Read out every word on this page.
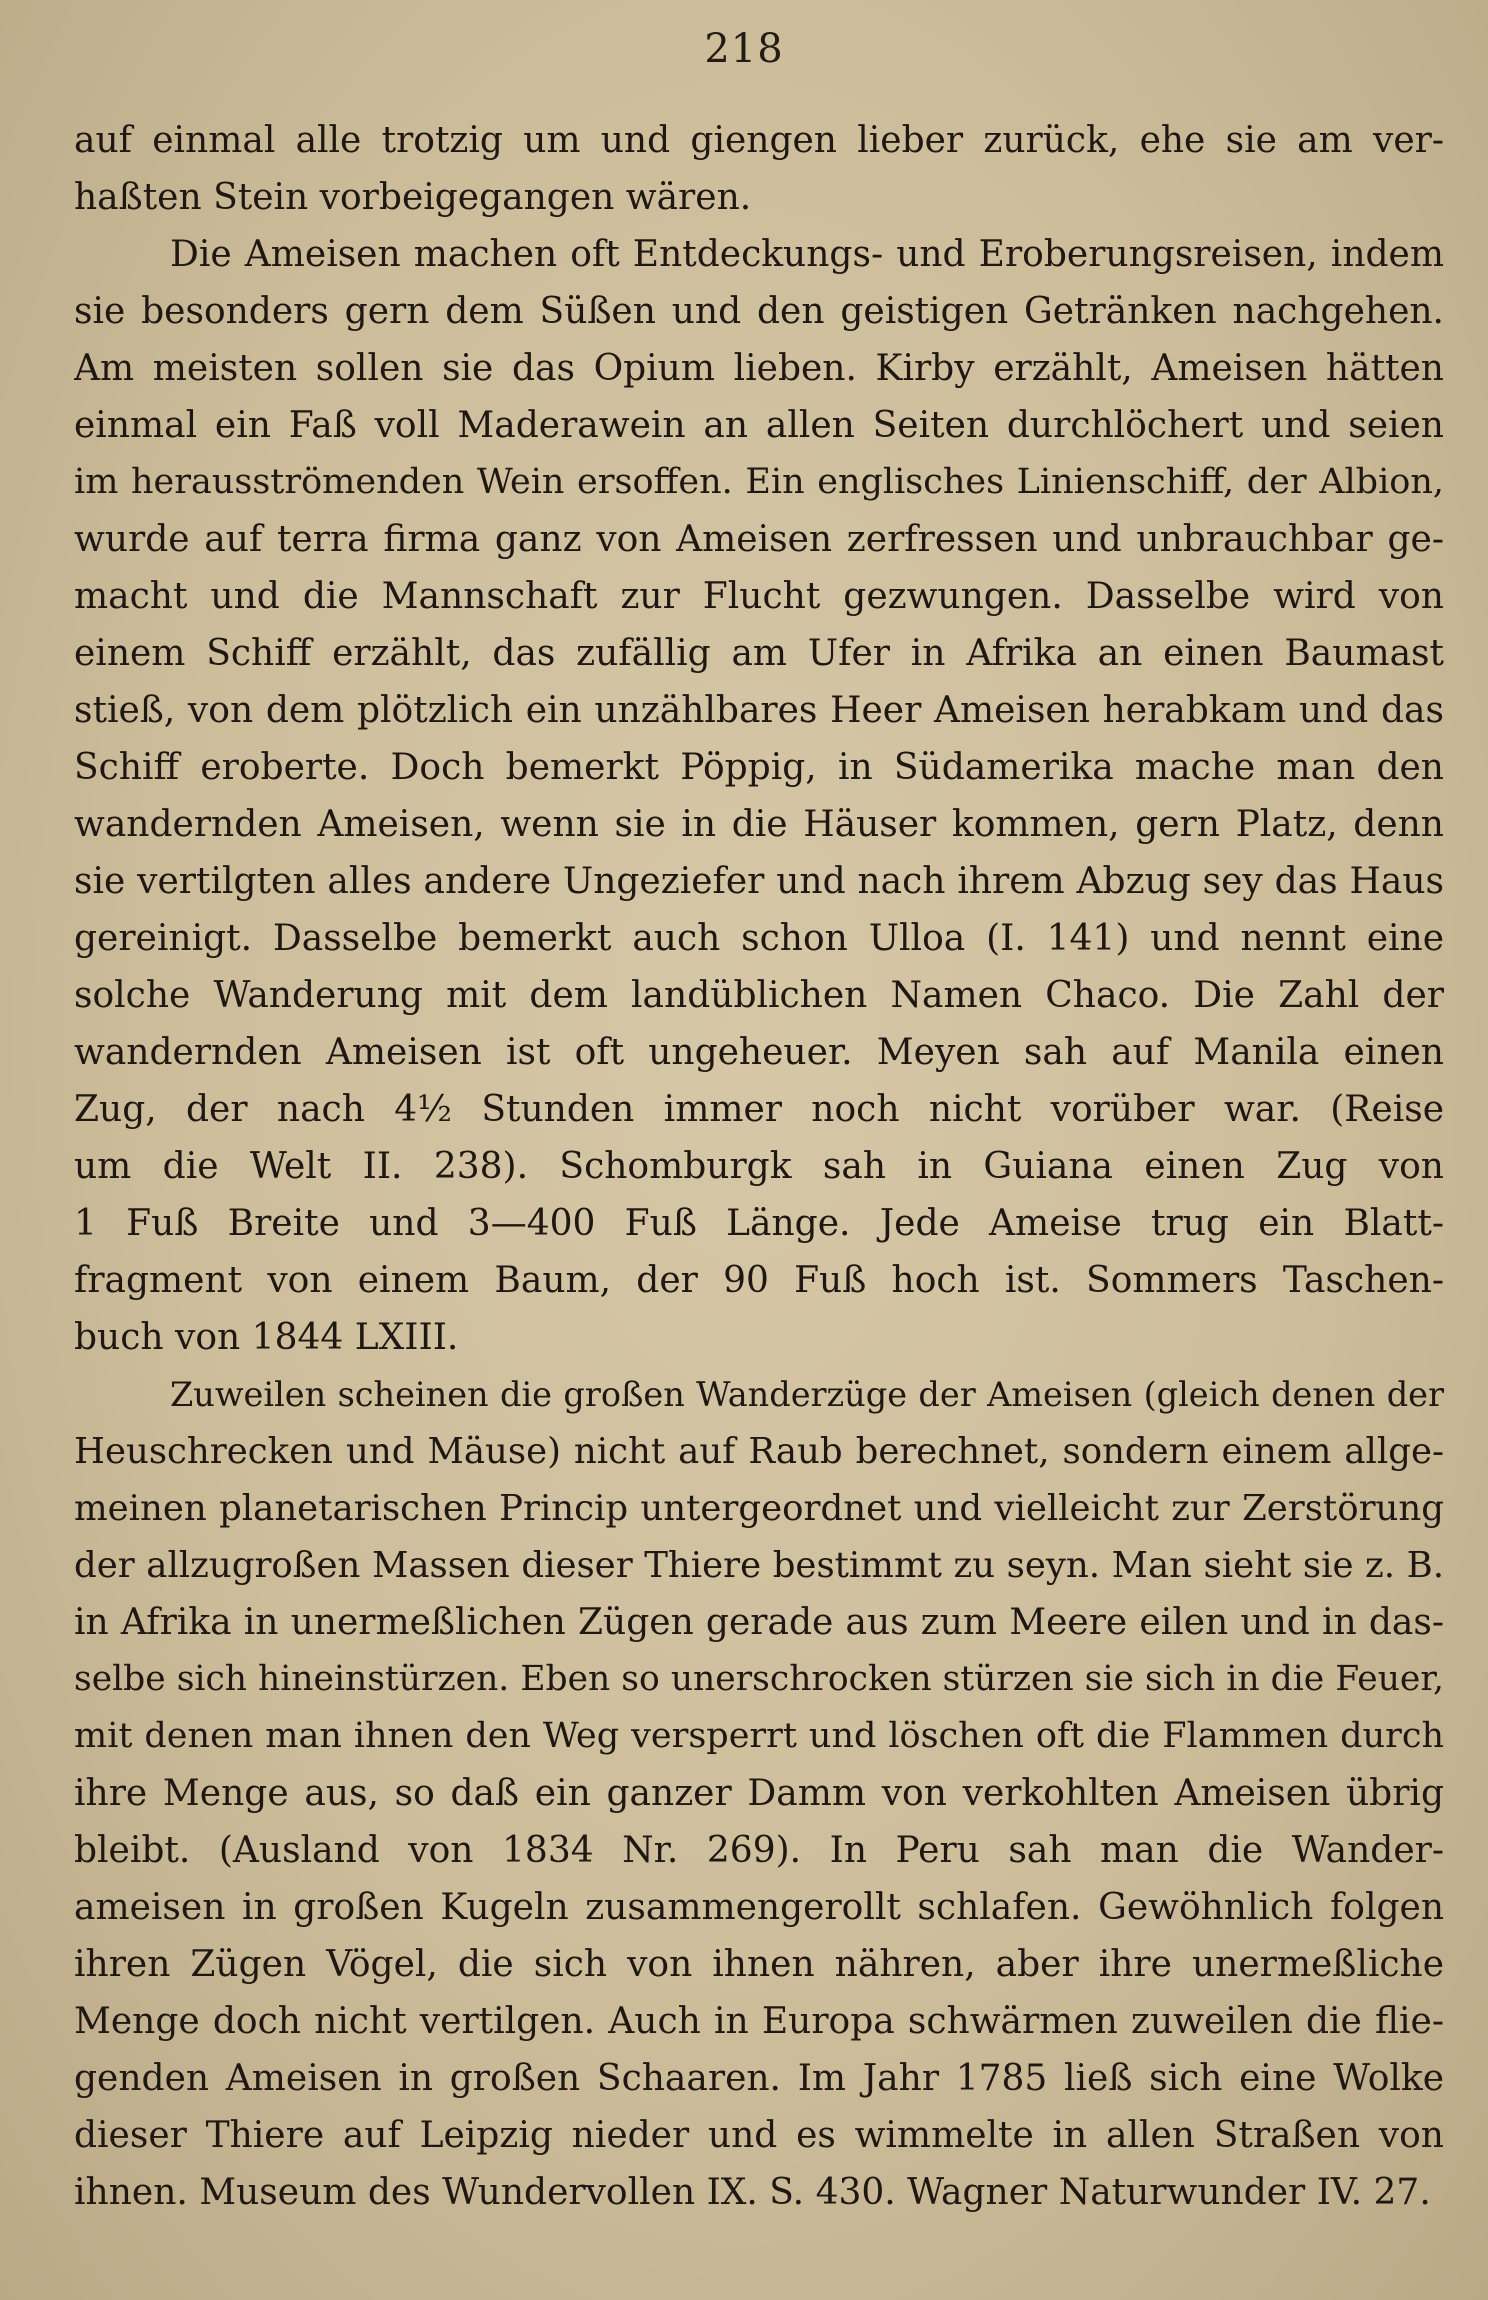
218
auf einmal alle trotzig um und giengen lieber zurück, ehe sie am ver-
haßten Stein vorbeigegangen wären.
Die Ameisen machen oft Entdeckungs- und Eroberungsreisen, indem
sie besonders gern dem Süßen und den geistigen Getränken nachgehen.
Am meisten sollen sie das Opium lieben. Kirby erzählt, Ameisen hätten
einmal ein Faß voll Maderawein an allen Seiten durchlöchert und seien
im herausströmenden Wein ersoffen. Ein englisches Linienschiff, der Albion,
wurde auf terra firma ganz von Ameisen zerfressen und unbrauchbar ge-
macht und die Mannschaft zur Flucht gezwungen. Dasselbe wird von
einem Schiff erzählt, das zufällig am Ufer in Afrika an einen Baumast
stieß, von dem plötzlich ein unzählbares Heer Ameisen herabkam und das
Schiff eroberte. Doch bemerkt Pöppig, in Südamerika mache man den
wandernden Ameisen, wenn sie in die Häuser kommen, gern Platz, denn
sie vertilgten alles andere Ungeziefer und nach ihrem Abzug sey das Haus
gereinigt. Dasselbe bemerkt auch schon Ulloa (I. 141) und nennt eine
solche Wanderung mit dem landüblichen Namen Chaco. Die Zahl der
wandernden Ameisen ist oft ungeheuer. Meyen sah auf Manila einen
Zug, der nach 4½ Stunden immer noch nicht vorüber war. (Reise
um die Welt II. 238). Schomburgk sah in Guiana einen Zug von
1 Fuß Breite und 3—400 Fuß Länge. Jede Ameise trug ein Blatt-
fragment von einem Baum, der 90 Fuß hoch ist. Sommers Taschen-
buch von 1844 LXIII.
Zuweilen scheinen die großen Wanderzüge der Ameisen (gleich denen der
Heuschrecken und Mäuse) nicht auf Raub berechnet, sondern einem allge-
meinen planetarischen Princip untergeordnet und vielleicht zur Zerstörung
der allzugroßen Massen dieser Thiere bestimmt zu seyn. Man sieht sie z. B.
in Afrika in unermeßlichen Zügen gerade aus zum Meere eilen und in das-
selbe sich hineinstürzen. Eben so unerschrocken stürzen sie sich in die Feuer,
mit denen man ihnen den Weg versperrt und löschen oft die Flammen durch
ihre Menge aus, so daß ein ganzer Damm von verkohlten Ameisen übrig
bleibt. (Ausland von 1834 Nr. 269). In Peru sah man die Wander-
ameisen in großen Kugeln zusammengerollt schlafen. Gewöhnlich folgen
ihren Zügen Vögel, die sich von ihnen nähren, aber ihre unermeßliche
Menge doch nicht vertilgen. Auch in Europa schwärmen zuweilen die flie-
genden Ameisen in großen Schaaren. Im Jahr 1785 ließ sich eine Wolke
dieser Thiere auf Leipzig nieder und es wimmelte in allen Straßen von
ihnen. Museum des Wundervollen IX. S. 430. Wagner Naturwunder IV. 27.
